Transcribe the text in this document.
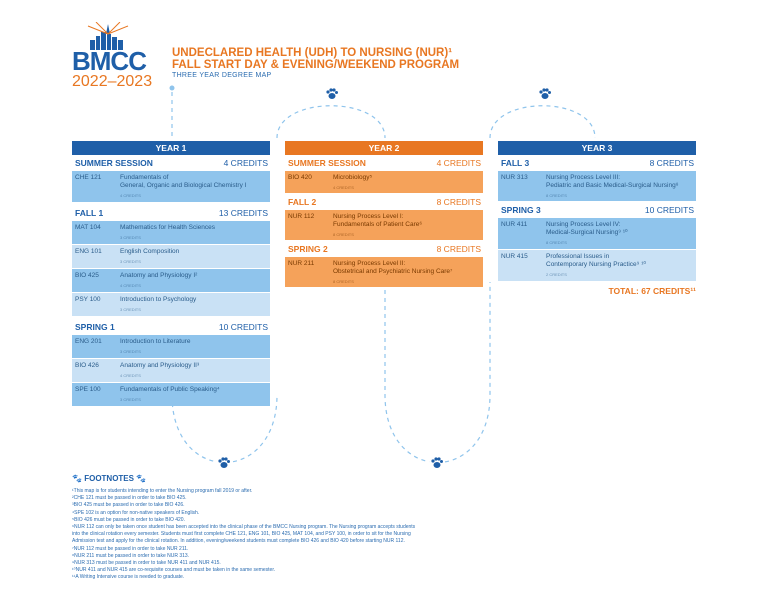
BMCC
2022–2023
UNDECLARED HEALTH (UDH) TO NURSING (NUR)¹
FALL START DAY & EVENING/WEEKEND PROGRAM
THREE YEAR DEGREE MAP
YEAR 1
SUMMER SESSION	4 CREDITS
CHE 121	Fundamentals of
General, Organic and Biological Chemistry I
4 CREDITS
FALL 1	13 CREDITS
MAT 104	Mathematics for Health Sciences
3 CREDITS
ENG 101	English Composition
3 CREDITS
BIO 425	Anatomy and Physiology I²
4 CREDITS
PSY 100	Introduction to Psychology
3 CREDITS
SPRING 1	10 CREDITS
ENG 201	Introduction to Literature
3 CREDITS
BIO 426	Anatomy and Physiology II³
4 CREDITS
SPE 100	Fundamentals of Public Speaking⁴
3 CREDITS
YEAR 2
SUMMER SESSION	4 CREDITS
BIO 420	Microbiology⁵
4 CREDITS
FALL 2	8 CREDITS
NUR 112	Nursing Process Level I:
Fundamentals of Patient Care⁶
8 CREDITS
SPRING 2	8 CREDITS
NUR 211	Nursing Process Level II:
Obstetrical and Psychiatric Nursing Care⁷
8 CREDITS
YEAR 3
FALL 3	8 CREDITS
NUR 313	Nursing Process Level III:
Pediatric and Basic Medical-Surgical Nursing⁸
8 CREDITS
SPRING 3	10 CREDITS
NUR 411	Nursing Process Level IV:
Medical-Surgical Nursing⁹ ¹⁰
8 CREDITS
NUR 415	Professional Issues in
Contemporary Nursing Practice⁹ ¹⁰
2 CREDITS
TOTAL: 67 CREDITS¹¹
🐾 FOOTNOTES 🐾
¹This map is for students intending to enter the Nursing program fall 2019 or after.
²CHE 121 must be passed in order to take BIO 425.
³BIO 425 must be passed in order to take BIO 426.
⁴SPE 102 is an option for non-native speakers of English.
⁵BIO 426 must be passed in order to take BIO 420.
⁶NUR 112 can only be taken once student has been accepted into the clinical phase of the BMCC Nursing program. The Nursing program accepts students
into the clinical rotation every semester. Students must first complete CHE 121, ENG 101, BIO 425, MAT 104, and PSY 100, in order to sit for the Nursing
Admission test and apply for the clinical rotation. In addition, evening/weekend students must complete BIO 426 and BIO 420 before starting NUR 112.
⁷NUR 112 must be passed in order to take NUR 211.
⁸NUR 211 must be passed in order to take NUR 313.
⁹NUR 313 must be passed in order to take NUR 411 and NUR 415.
¹⁰NUR 411 and NUR 415 are co-requisite courses and must be taken in the same semester.
¹¹A Writing Intensive course is needed to graduate.
